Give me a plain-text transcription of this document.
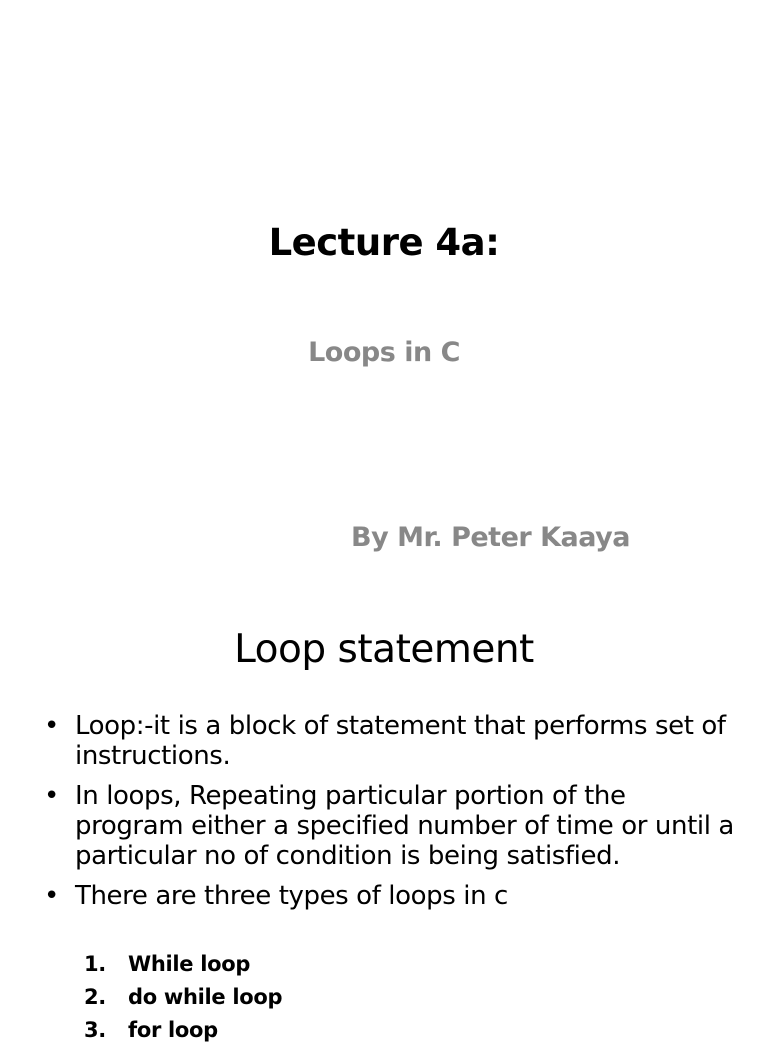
Lecture 4a:
Loops in C
By Mr. Peter Kaaya
Loop statement
• Loop:-it is a block of statement that performs set of instructions.
• In loops, Repeating particular portion of the program either a specified number of time or until a particular no of condition is being satisfied.
• There are three types of loops in c
1. While loop
2. do while loop
3. for loop
